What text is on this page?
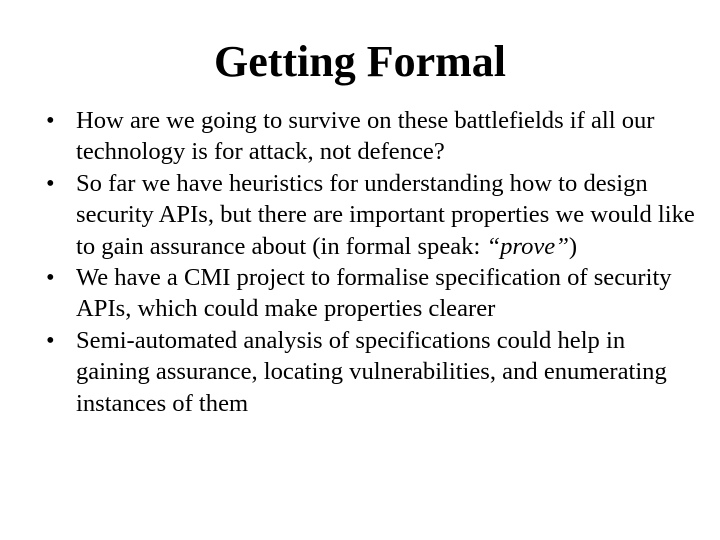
Getting Formal
• How are we going to survive on these battlefields if all our technology is for attack, not defence?
• So far we have heuristics for understanding how to design security APIs, but there are important properties we would like to gain assurance about (in formal speak: “prove”)
• We have a CMI project to formalise specification of security APIs, which could make properties clearer
• Semi-automated analysis of specifications could help in gaining assurance, locating vulnerabilities, and enumerating instances of them
